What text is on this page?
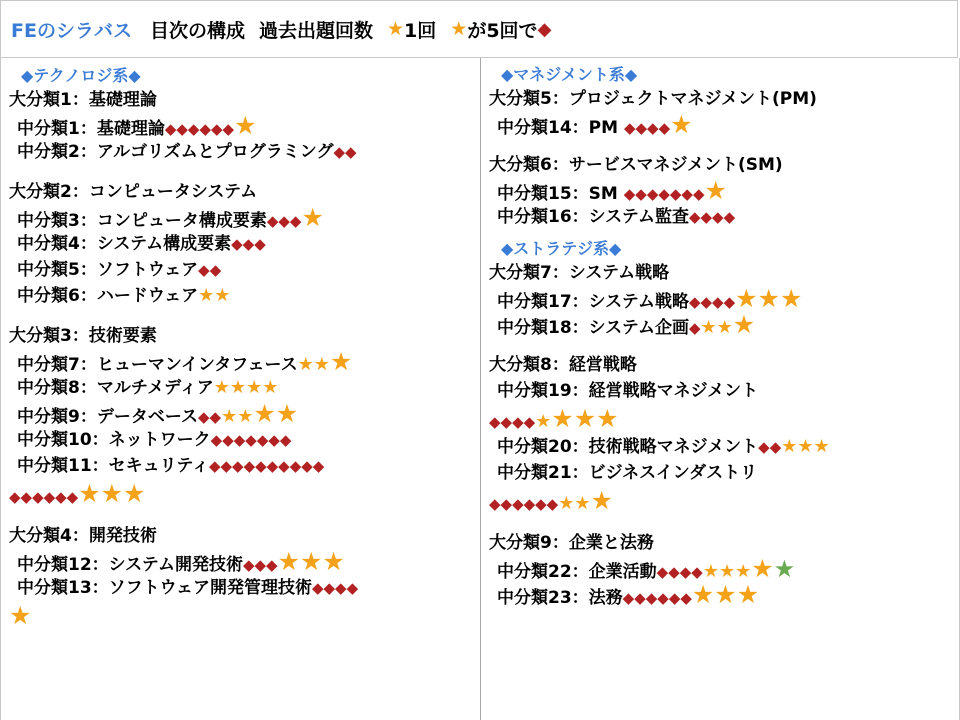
FEのシラバス 目次の構成 過去出題回数 ★ 1回 ★ が5回で ◆
◆テクノロジ系◆
大分類1：基礎理論
中分類1：基礎理論◆◆◆◆◆◆★
中分類2：アルゴリズムとプログラミング◆◆
大分類2：コンピュータシステム
中分類3：コンピュータ構成要素◆◆◆★
中分類4：システム構成要素◆◆◆
中分類5：ソフトウェア◆◆
中分類6：ハードウェア★★
大分類3：技術要素
中分類7：ヒューマンインタフェース★★★
中分類8：マルチメディア★★★★
中分類9：データベース◆◆★★★★
中分類10：ネットワーク◆◆◆◆◆◆◆
中分類11：セキュリティ◆◆◆◆◆◆◆◆◆◆
◆◆◆◆◆◆★★★
大分類4：開発技術
中分類12：システム開発技術◆◆◆★★★
中分類13：ソフトウェア開発管理技術◆◆◆◆
★
◆マネジメント系◆
大分類5：プロジェクトマネジメント(PM)
中分類14：PM ◆◆◆◆★
大分類6：サービスマネジメント(SM)
中分類15：SM ◆◆◆◆◆◆◆★
中分類16：システム監査◆◆◆◆
◆ストラテジ系◆
大分類7：システム戦略
中分類17：システム戦略◆◆◆◆★★★
中分類18：システム企画◆★★★
大分類8：経営戦略
中分類19：経営戦略マネジメント
◆◆◆◆★★★★
中分類20：技術戦略マネジメント◆◆★★★
中分類21：ビジネスインダストリ
◆◆◆◆◆◆★★★
大分類9：企業と法務
中分類22：企業活動◆◆◆◆★★★★★
中分類23：法務◆◆◆◆◆◆★★★
